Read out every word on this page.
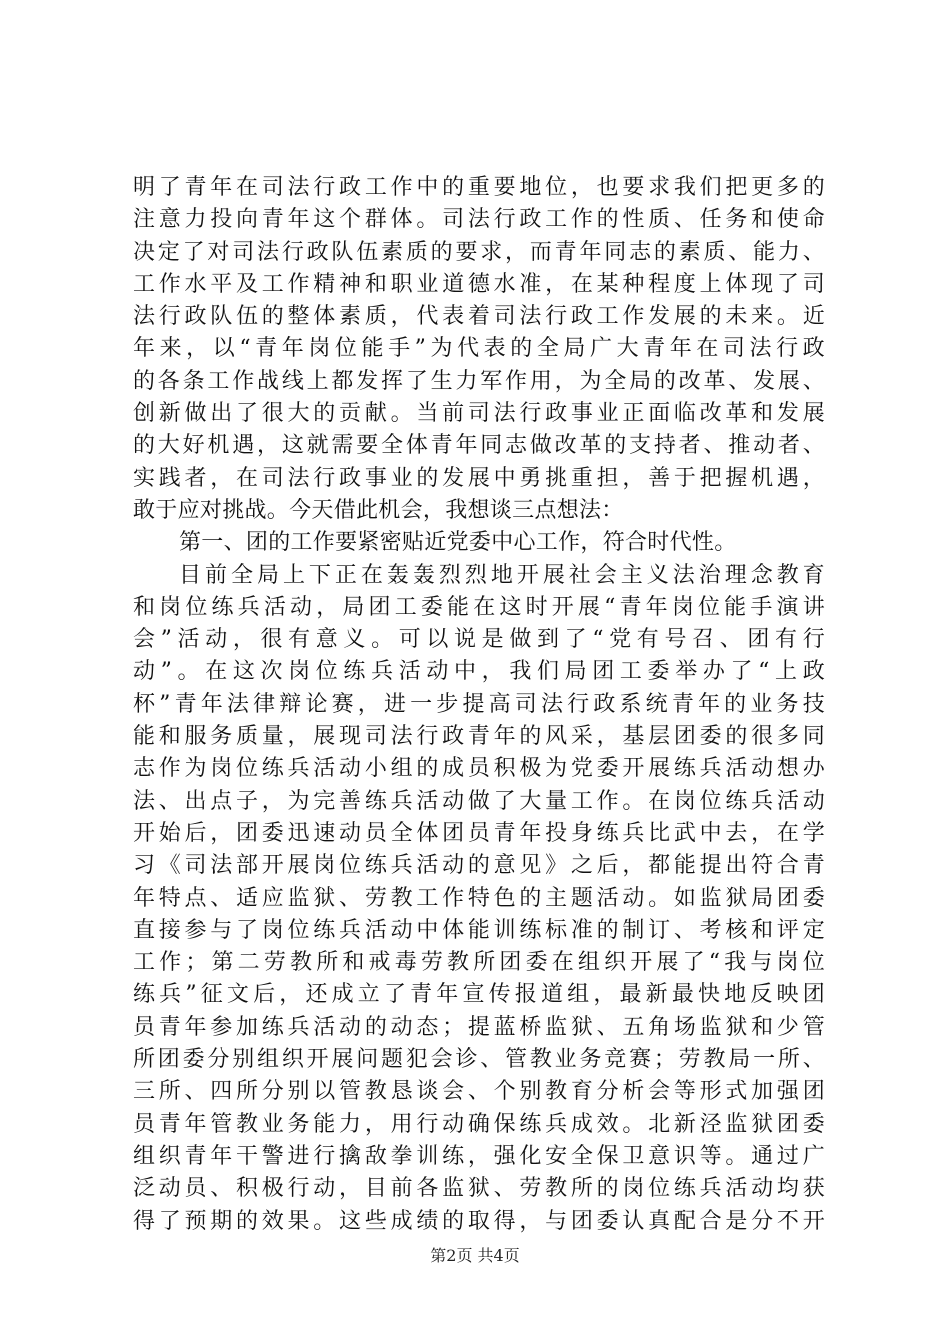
明了青年在司法行政工作中的重要地位，也要求我们把更多的
注意力投向青年这个群体。司法行政工作的性质、任务和使命
决定了对司法行政队伍素质的要求，而青年同志的素质、能力、
工作水平及工作精神和职业道德水准，在某种程度上体现了司
法行政队伍的整体素质，代表着司法行政工作发展的未来。近
年来，以“青年岗位能手”为代表的全局广大青年在司法行政
的各条工作战线上都发挥了生力军作用，为全局的改革、发展、
创新做出了很大的贡献。当前司法行政事业正面临改革和发展
的大好机遇，这就需要全体青年同志做改革的支持者、推动者、
实践者，在司法行政事业的发展中勇挑重担，善于把握机遇，
敢于应对挑战。今天借此机会，我想谈三点想法：
第一、团的工作要紧密贴近党委中心工作，符合时代性。
目前全局上下正在轰轰烈烈地开展社会主义法治理念教育
和岗位练兵活动，局团工委能在这时开展“青年岗位能手演讲
会”活动，很有意义。可以说是做到了“党有号召、团有行
动”。在这次岗位练兵活动中，我们局团工委举办了“上政
杯”青年法律辩论赛，进一步提高司法行政系统青年的业务技
能和服务质量，展现司法行政青年的风采，基层团委的很多同
志作为岗位练兵活动小组的成员积极为党委开展练兵活动想办
法、出点子，为完善练兵活动做了大量工作。在岗位练兵活动
开始后，团委迅速动员全体团员青年投身练兵比武中去，在学
习《司法部开展岗位练兵活动的意见》之后，都能提出符合青
年特点、适应监狱、劳教工作特色的主题活动。如监狱局团委
直接参与了岗位练兵活动中体能训练标准的制订、考核和评定
工作；第二劳教所和戒毒劳教所团委在组织开展了“我与岗位
练兵”征文后，还成立了青年宣传报道组，最新最快地反映团
员青年参加练兵活动的动态；提蓝桥监狱、五角场监狱和少管
所团委分别组织开展问题犯会诊、管教业务竞赛；劳教局一所、
三所、四所分别以管教恳谈会、个别教育分析会等形式加强团
员青年管教业务能力，用行动确保练兵成效。北新泾监狱团委
组织青年干警进行擒敌拳训练，强化安全保卫意识等。通过广
泛动员、积极行动，目前各监狱、劳教所的岗位练兵活动均获
得了预期的效果。这些成绩的取得，与团委认真配合是分不开
第2页 共4页
